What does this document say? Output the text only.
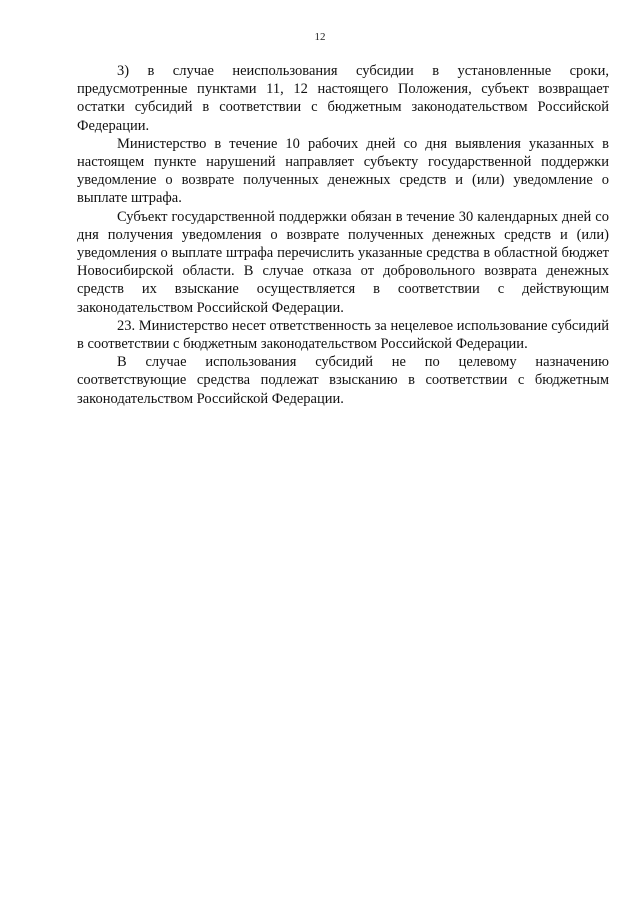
12

3) в случае неиспользования субсидии в установленные сроки, предусмотренные пунктами 11, 12 настоящего Положения, субъект возвращает остатки субсидий в соответствии с бюджетным законодательством Российской Федерации.

Министерство в течение 10 рабочих дней со дня выявления указанных в настоящем пункте нарушений направляет субъекту государственной поддержки уведомление о возврате полученных денежных средств и (или) уведомление о выплате штрафа.

Субъект государственной поддержки обязан в течение 30 календарных дней со дня получения уведомления о возврате полученных денежных средств и (или) уведомления о выплате штрафа перечислить указанные средства в областной бюджет Новосибирской области. В случае отказа от добровольного возврата денежных средств их взыскание осуществляется в соответствии с действующим законодательством Российской Федерации.

23. Министерство несет ответственность за нецелевое использование субсидий в соответствии с бюджетным законодательством Российской Федерации.

В случае использования субсидий не по целевому назначению соответствующие средства подлежат взысканию в соответствии с бюджетным законодательством Российской Федерации.
